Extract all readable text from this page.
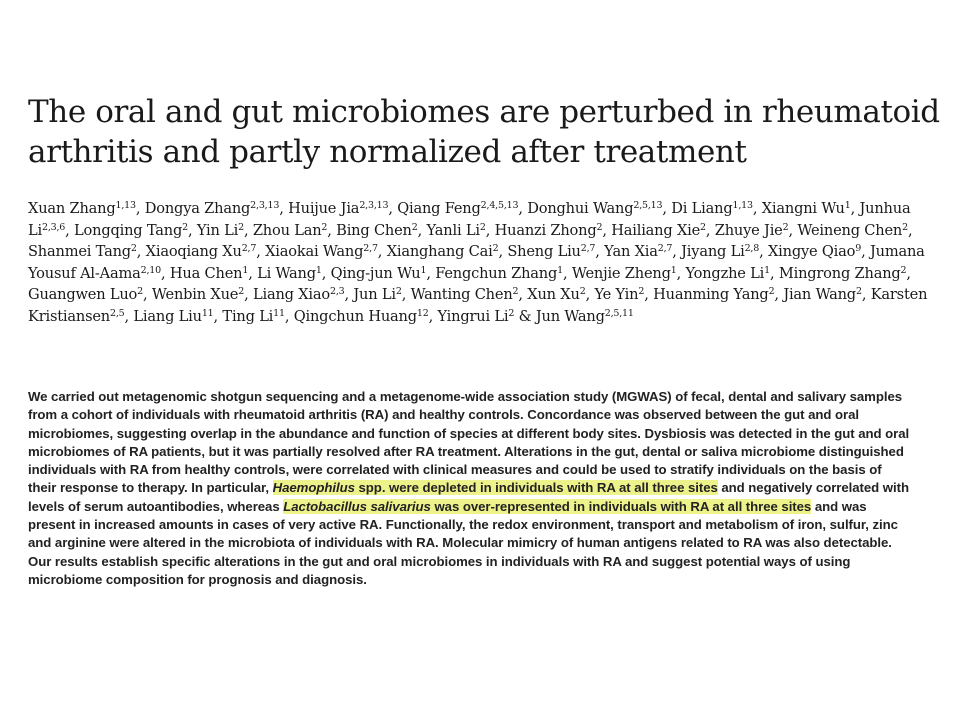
The oral and gut microbiomes are perturbed in rheumatoid arthritis and partly normalized after treatment
Xuan Zhang$^{1,13}$, Dongya Zhang$^{2,3,13}$, Huijue Jia$^{2,3,13}$, Qiang Feng$^{2,4,5,13}$, Donghui Wang$^{2,5,13}$, Di Liang$^{1,13}$, Xiangni Wu$^1$, Junhua Li$^{2,3,6}$, Longqing Tang$^2$, Yin Li$^2$, Zhou Lan$^2$, Bing Chen$^2$, Yanli Li$^2$, Huanzi Zhong$^2$, Hailiang Xie$^2$, Zhuye Jie$^2$, Weineng Chen$^2$, Shanmei Tang$^2$, Xiaoqiang Xu$^{2,7}$, Xiaokai Wang$^{2,7}$, Xianghang Cai$^2$, Sheng Liu$^{2,7}$, Yan Xia$^{2,7}$, Jiyang Li$^{2,8}$, Xingye Qiao$^9$, Jumana Yousuf Al-Aama$^{2,10}$, Hua Chen$^1$, Li Wang$^1$, Qing-jun Wu$^1$, Fengchun Zhang$^1$, Wenjie Zheng$^1$, Yongzhe Li$^1$, Mingrong Zhang$^2$, Guangwen Luo$^2$, Wenbin Xue$^2$, Liang Xiao$^{2,3}$, Jun Li$^2$, Wanting Chen$^2$, Xun Xu$^2$, Ye Yin$^2$, Huanming Yang$^2$, Jian Wang$^2$, Karsten Kristiansen$^{2,5}$, Liang Liu$^{11}$, Ting Li$^{11}$, Qingchun Huang$^{12}$, Yingrui Li$^2$ & Jun Wang$^{2,5,11}$

We carried out metagenomic shotgun sequencing and a metagenome-wide association study (MGWAS) of fecal, dental and salivary samples from a cohort of individuals with rheumatoid arthritis (RA) and healthy controls. Concordance was observed between the gut and oral microbiomes, suggesting overlap in the abundance and function of species at different body sites. Dysbiosis was detected in the gut and oral microbiomes of RA patients, but it was partially resolved after RA treatment. Alterations in the gut, dental or saliva microbiome distinguished individuals with RA from healthy controls, were correlated with clinical measures and could be used to stratify individuals on the basis of their response to therapy. In particular, Haemophilus spp. were depleted in individuals with RA at all three sites and negatively correlated with levels of serum autoantibodies, whereas Lactobacillus salivarius was over-represented in individuals with RA at all three sites and was present in increased amounts in cases of very active RA. Functionally, the redox environment, transport and metabolism of iron, sulfur, zinc and arginine were altered in the microbiota of individuals with RA. Molecular mimicry of human antigens related to RA was also detectable. Our results establish specific alterations in the gut and oral microbiomes in individuals with RA and suggest potential ways of using microbiome composition for prognosis and diagnosis.
